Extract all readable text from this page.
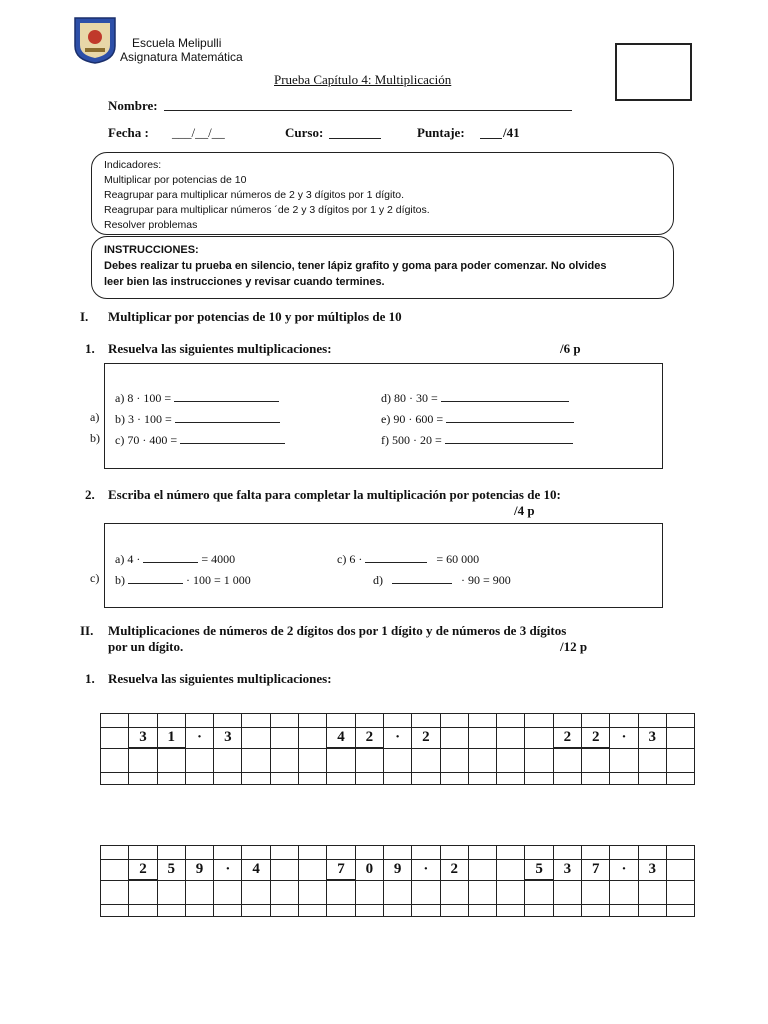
Escuela Melipulli
Asignatura Matemática
Prueba Capítulo 4: Multiplicación
Nombre:
Fecha : ___/__/__	Curso:	Puntaje:	/41
Indicadores:
Multiplicar por potencias de 10
Reagrupar para multiplicar números de 2 y 3 dígitos por 1 dígito.
Reagrupar para multiplicar números ´de 2 y 3 dígitos por 1 y 2 dígitos.
Resolver problemas
INSTRUCCIONES:
Debes realizar tu prueba en silencio, tener lápiz grafito y goma para poder comenzar. No olvides
leer bien las instrucciones y revisar cuando termines.
I. Multiplicar por potencias de 10 y por múltiplos de 10
1. Resuelva las siguientes multiplicaciones:	/6 p
a)
b)
a) 8 · 100 =
b) 3 · 100 =
c) 70 · 400 =
d) 80 · 30 =
e) 90 · 600 =
f) 500 · 20 =
2. Escriba el número que falta para completar la multiplicación por potencias de 10:
/4 p
c)
a) 4 ·	= 4000
b)	· 100 = 1 000
c) 6 ·	= 60 000
d)	· 90 = 900
II. Multiplicaciones de números de 2 dígitos dos por 1 dígito y de números de 3 dígitos
por un dígito.	/12 p
1. Resuelva las siguientes multiplicaciones:

	3	1	·	3				4	2	·	2					2	2	·	3	

	2	5	9	·	4			7	0	9	·	2			5	3	7	·	3	
